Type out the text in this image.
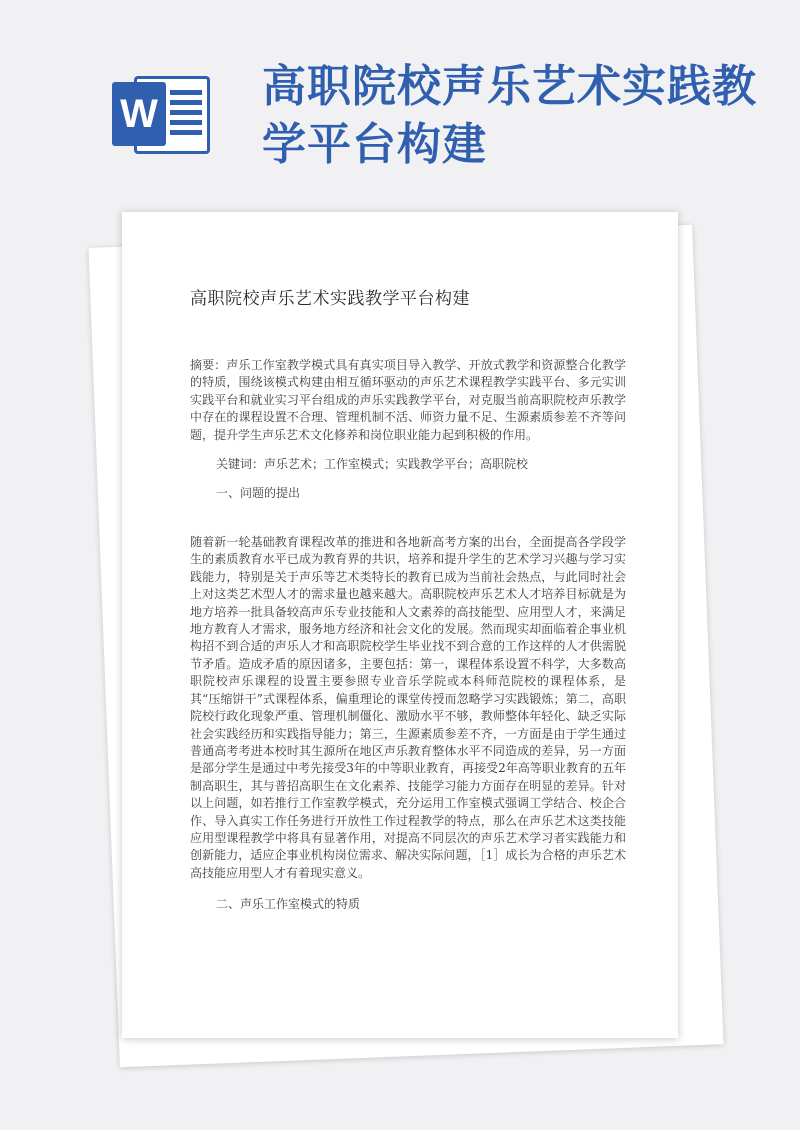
W
高职院校声乐艺术实践教学平台构建
高职院校声乐艺术实践教学平台构建

摘要：声乐工作室教学模式具有真实项目导入教学、开放式教学和资源整合化教学的特质，围绕该模式构建由相互循环驱动的声乐艺术课程教学实践平台、多元实训实践平台和就业实习平台组成的声乐实践教学平台，对克服当前高职院校声乐教学中存在的课程设置不合理、管理机制不活、师资力量不足、生源素质参差不齐等问题，提升学生声乐艺术文化修养和岗位职业能力起到积极的作用。

关键词：声乐艺术；工作室模式；实践教学平台；高职院校

一、问题的提出

随着新一轮基础教育课程改革的推进和各地新高考方案的出台，全面提高各学段学生的素质教育水平已成为教育界的共识，培养和提升学生的艺术学习兴趣与学习实践能力，特别是关于声乐等艺术类特长的教育已成为当前社会热点，与此同时社会上对这类艺术型人才的需求量也越来越大。高职院校声乐艺术人才培养目标就是为地方培养一批具备较高声乐专业技能和人文素养的高技能型、应用型人才，来满足地方教育人才需求，服务地方经济和社会文化的发展。然而现实却面临着企事业机构招不到合适的声乐人才和高职院校学生毕业找不到合意的工作这样的人才供需脱节矛盾。造成矛盾的原因诸多，主要包括：第一，课程体系设置不科学，大多数高职院校声乐课程的设置主要参照专业音乐学院或本科师范院校的课程体系，是其“压缩饼干”式课程体系，偏重理论的课堂传授而忽略学习实践锻炼；第二，高职院校行政化现象严重、管理机制僵化、激励水平不够，教师整体年轻化、缺乏实际社会实践经历和实践指导能力；第三，生源素质参差不齐，一方面是由于学生通过普通高考考进本校时其生源所在地区声乐教育整体水平不同造成的差异，另一方面是部分学生是通过中考先接受3年的中等职业教育，再接受2年高等职业教育的五年制高职生，其与普招高职生在文化素养、技能学习能力方面存在明显的差异。针对以上问题，如若推行工作室教学模式，充分运用工作室模式强调工学结合、校企合作、导入真实工作任务进行开放性工作过程教学的特点，那么在声乐艺术这类技能应用型课程教学中将具有显著作用，对提高不同层次的声乐艺术学习者实践能力和创新能力，适应企事业机构岗位需求、解决实际问题，［1］成长为合格的声乐艺术高技能应用型人才有着现实意义。

二、声乐工作室模式的特质
